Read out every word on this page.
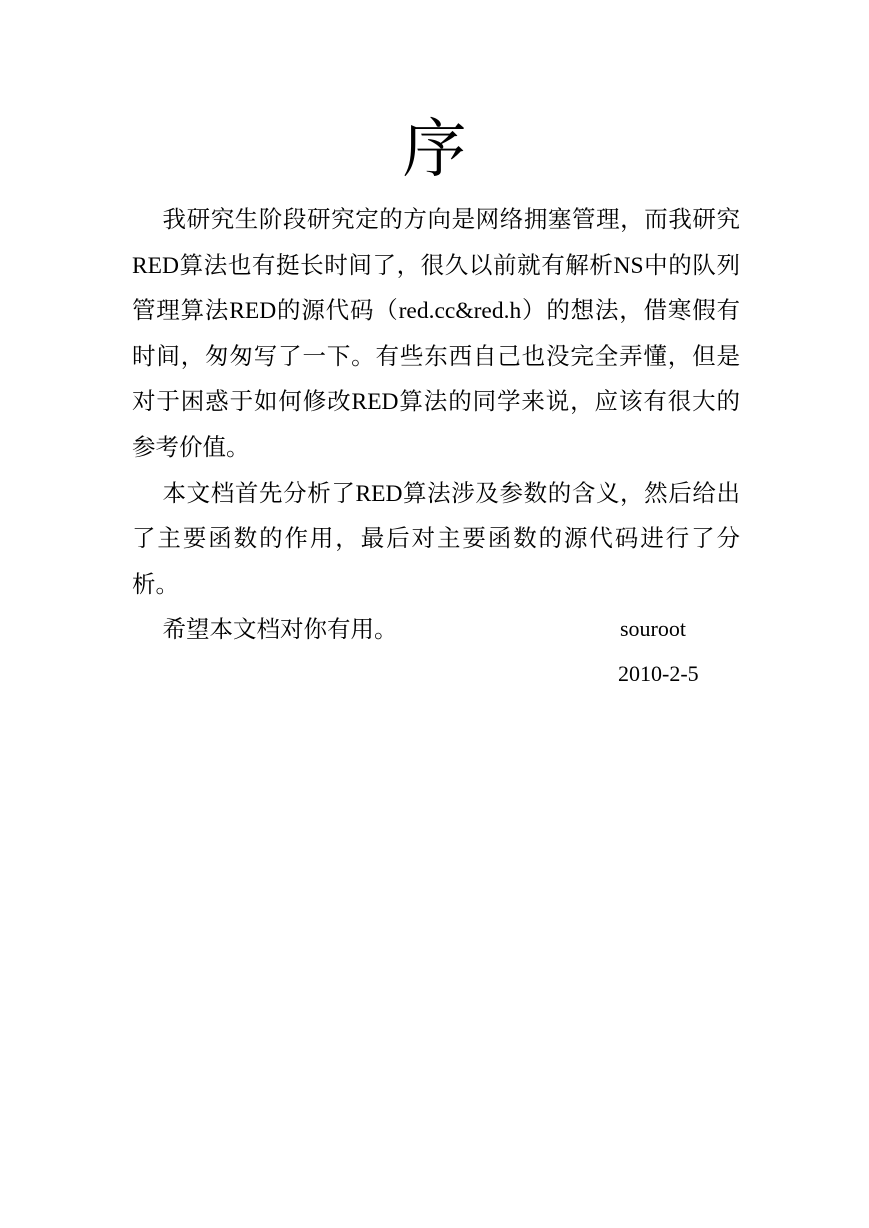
序

我研究生阶段研究定的方向是网络拥塞管理，而我研究RED算法也有挺长时间了，很久以前就有解析NS中的队列管理算法RED的源代码（red.cc&red.h）的想法，借寒假有时间，匆匆写了一下。有些东西自己也没完全弄懂，但是对于困惑于如何修改RED算法的同学来说，应该有很大的参考价值。

本文档首先分析了RED算法涉及参数的含义，然后给出了主要函数的作用，最后对主要函数的源代码进行了分析。

希望本文档对你有用。	souroot
2010-2-5
